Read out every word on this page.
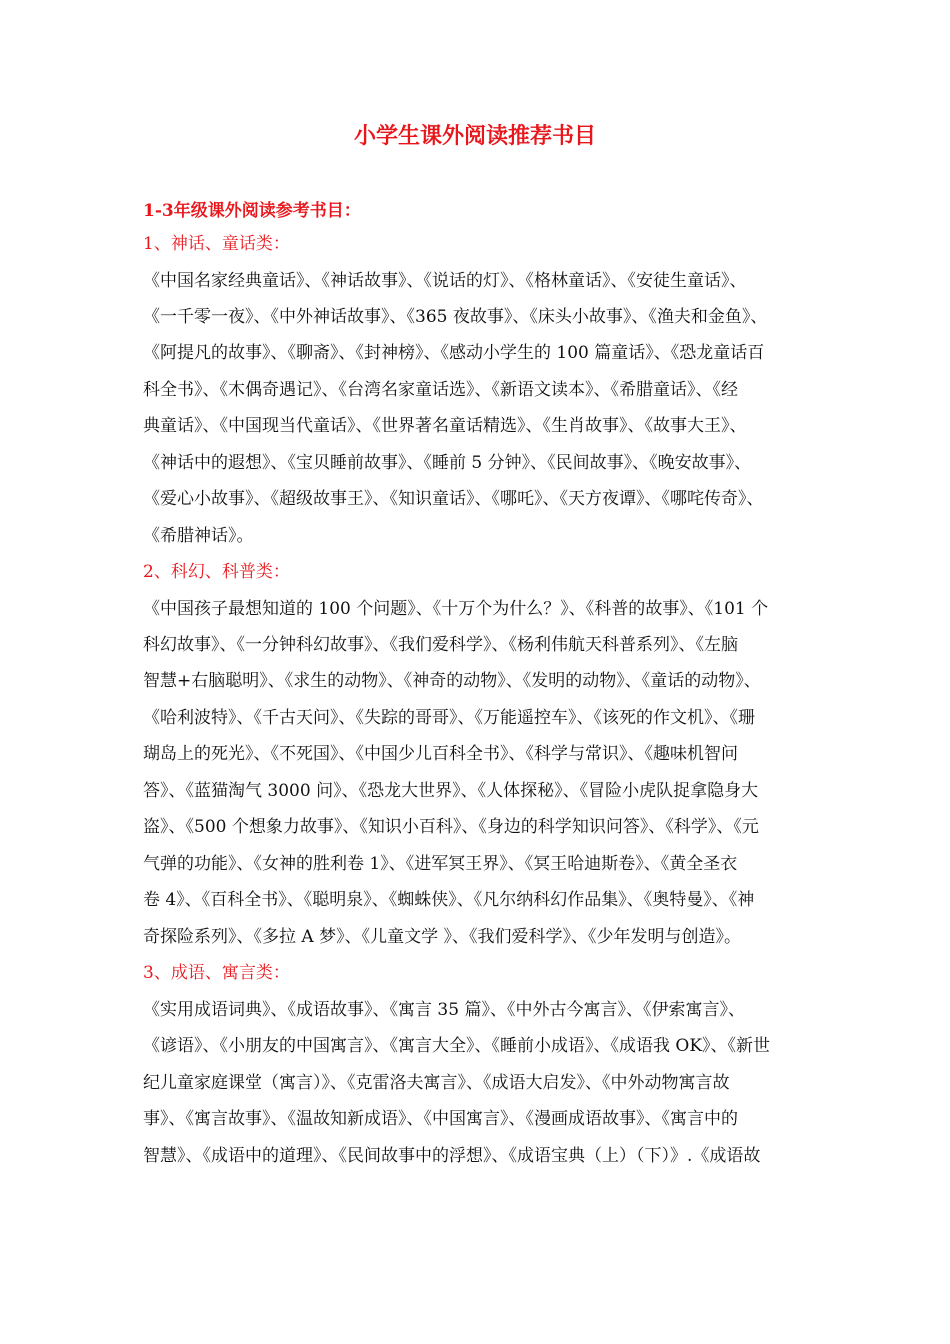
小学生课外阅读推荐书目
1-3年级课外阅读参考书目：
1、神话、童话类：
《中国名家经典童话》、《神话故事》、《说话的灯》、《格林童话》、《安徒生童话》、
《一千零一夜》、《中外神话故事》、《365 夜故事》、《床头小故事》、《渔夫和金鱼》、
《阿提凡的故事》、《聊斋》、《封神榜》、《感动小学生的 100 篇童话》、《恐龙童话百
科全书》、《木偶奇遇记》、《台湾名家童话选》、《新语文读本》、《希腊童话》、《经
典童话》、《中国现当代童话》、《世界著名童话精选》、《生肖故事》、《故事大王》、
《神话中的遐想》、《宝贝睡前故事》、《睡前 5 分钟》、《民间故事》、《晚安故事》、
《爱心小故事》、《超级故事王》、《知识童话》、《哪吒》、《天方夜谭》、《哪咤传奇》、
《希腊神话》。
2、科幻、科普类：
《中国孩子最想知道的 100 个问题》、《十万个为什么？》、《科普的故事》、《101 个
科幻故事》、《一分钟科幻故事》、《我们爱科学》、《杨利伟航天科普系列》、《左脑
智慧+右脑聪明》、《求生的动物》、《神奇的动物》、《发明的动物》、《童话的动物》、
《哈利波特》、《千古天问》、《失踪的哥哥》、《万能遥控车》、《该死的作文机》、《珊
瑚岛上的死光》、《不死国》、《中国少儿百科全书》、《科学与常识》、《趣味机智问
答》、《蓝猫淘气 3000 问》、《恐龙大世界》、《人体探秘》、《冒险小虎队捉拿隐身大
盗》、《500 个想象力故事》、《知识小百科》、《身边的科学知识问答》、《科学》、《元
气弹的功能》、《女神的胜利卷 1》、《进军冥王界》、《冥王哈迪斯卷》、《黄全圣衣
卷 4》、《百科全书》、《聪明泉》、《蜘蛛侠》、《凡尔纳科幻作品集》、《奥特曼》、《神
奇探险系列》、《多拉 A 梦》、《儿童文学 》、《我们爱科学》、《少年发明与创造》。
3、成语、寓言类：
《实用成语词典》、《成语故事》、《寓言 35 篇》、《中外古今寓言》、《伊索寓言》、
《谚语》、《小朋友的中国寓言》、《寓言大全》、《睡前小成语》、《成语我 OK》、《新世
纪儿童家庭课堂（寓言）》、《克雷洛夫寓言》、《成语大启发》、《中外动物寓言故
事》、《寓言故事》、《温故知新成语》、《中国寓言》、《漫画成语故事》、《寓言中的
智慧》、《成语中的道理》、《民间故事中的浮想》、《成语宝典（上）（下）》.《成语故
